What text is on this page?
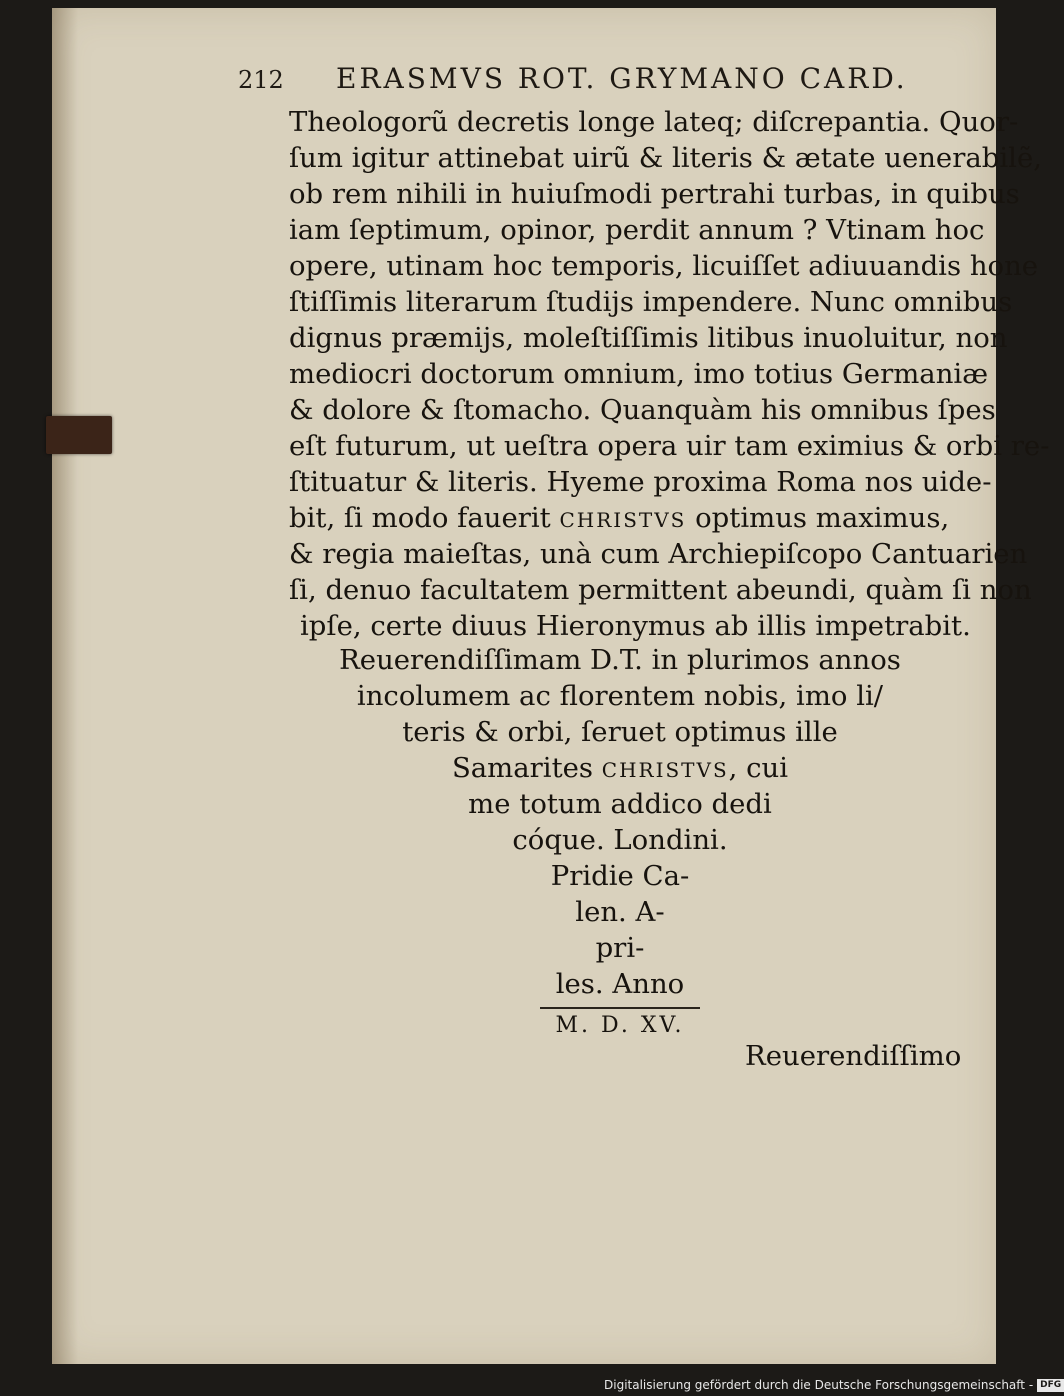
212 ERASMVS ROT. GRYMANO CARD.
Theologorũ decretis longe lateq; diſcrepantia. Quor-
ſum igitur attinebat uirũ & literis & ætate uenerabilẽ,
ob rem nihili in huiuſmodi pertrahi turbas, in quibus
iam ſeptimum, opinor, perdit annum ? Vtinam hoc
opere, utinam hoc temporis, licuiſſet adiuuandis hone
ſtiſſimis literarum ſtudijs impendere. Nunc omnibus
dignus præmijs, moleſtiſſimis litibus inuoluitur, non
mediocri doctorum omnium, imo totius Germaniæ
& dolore & ſtomacho. Quanquàm his omnibus ſpes
eſt futurum, ut ueſtra opera uir tam eximius & orbi re-
ſtituatur & literis. Hyeme proxima Roma nos uide-
bit, ſi modo fauerit CHRISTVS optimus maximus,
& regia maieſtas, unà cum Archiepiſcopo Cantuarien
ſi, denuo facultatem permittent abeundi, quàm ſi non
ipſe, certe diuus Hieronymus ab illis impetrabit.
Reuerendiſſimam D.T. in plurimos annos
incolumem ac florentem nobis, imo li/
teris & orbi, ſeruet optimus ille
Samarites CHRISTVS, cui
me totum addico dedi
cóque. Londini.
Pridie Ca-
len. A-
pri-
les. Anno
M. D. XV.
Reuerendiſſimo
Digitalisierung gefördert durch die Deutsche Forschungsgemeinschaft - DFG
